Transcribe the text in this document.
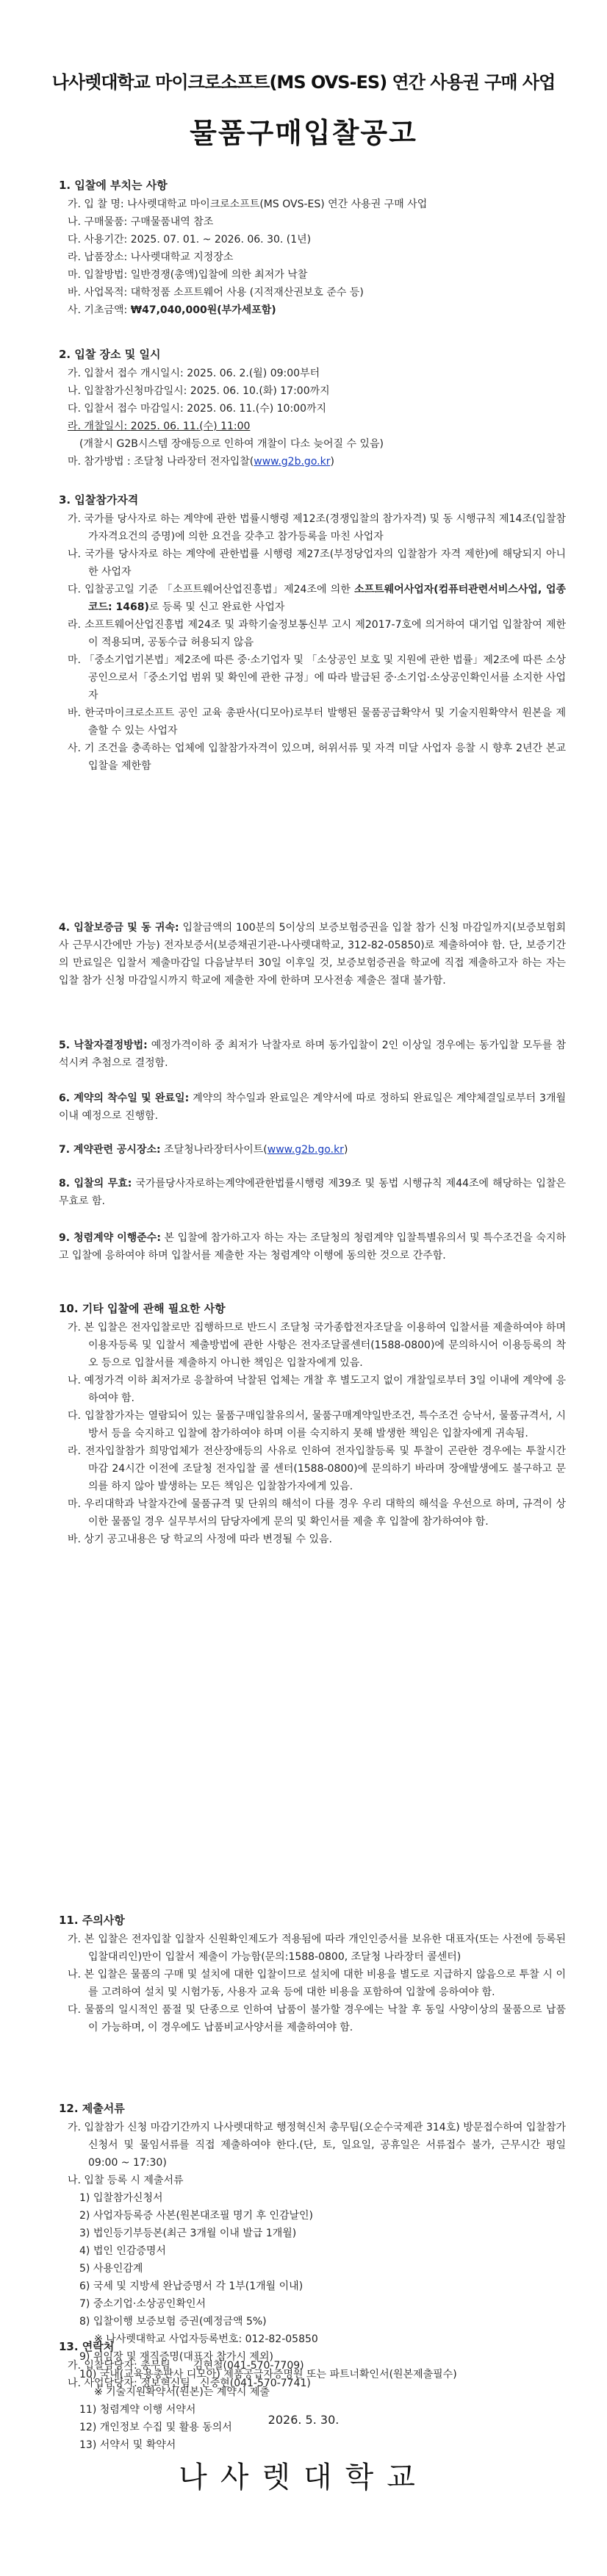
나사렛대학교 마이크로소프트(MS OVS-ES) 연간 사용권 구매 사업
물품구매입찰공고
1. 입찰에 부치는 사항
가. 입 찰 명: 나사렛대학교 마이크로소프트(MS OVS-ES) 연간 사용권 구매 사업
나. 구매물품: 구매물품내역 참조
다. 사용기간: 2025. 07. 01. ~ 2026. 06. 30. (1년)
라. 납품장소: 나사렛대학교 지정장소
마. 입찰방법: 일반경쟁(총액)입찰에 의한 최저가 낙찰
바. 사업목적: 대학정품 소프트웨어 사용 (지적재산권보호 준수 등)
사. 기초금액: ₩47,040,000원(부가세포함)
2. 입찰 장소 및 일시
가. 입찰서 접수 개시일시: 2025. 06. 2.(월) 09:00부터
나. 입찰참가신청마감일시: 2025. 06. 10.(화) 17:00까지
다. 입찰서 접수 마감일시: 2025. 06. 11.(수) 10:00까지
라. 개찰일시: 2025. 06. 11.(수) 11:00
(개찰시 G2B시스템 장애등으로 인하여 개찰이 다소 늦어질 수 있음)
마. 참가방법 : 조달청 나라장터 전자입찰(www.g2b.go.kr)
3. 입찰참가자격
가. 국가를 당사자로 하는 계약에 관한 법률시행령 제12조(경쟁입찰의 참가자격) 및 동 시행규칙 제14조(입찰참가자격요건의 증명)에 의한 요건을 갖추고 참가등록을 마친 사업자
나. 국가를 당사자로 하는 계약에 관한법률 시행령 제27조(부정당업자의 입찰참가 자격 제한)에 해당되지 아니한 사업자
다. 입찰공고일 기준 「소프트웨어산업진흥법」제24조에 의한 소프트웨어사업자(컴퓨터관련서비스사업, 업종코드: 1468)로 등록 및 신고 완료한 사업자
라. 소프트웨어산업진흥법 제24조 및 과학기술정보통신부 고시 제2017-7호에 의거하여 대기업 입찰참여 제한이 적용되며, 공동수급 허용되지 않음
마. 「중소기업기본법」제2조에 따른 중·소기업자 및 「소상공인 보호 및 지원에 관한 법률」제2조에 따른 소상공인으로서「중소기업 범위 및 확인에 관한 규정」에 따라 발급된 중·소기업·소상공인확인서를 소지한 사업자
바. 한국마이크로소프트 공인 교육 총판사(디모아)로부터 발행된 물품공급확약서 및 기술지원확약서 원본을 제출할 수 있는 사업자
사. 기 조건을 충족하는 업체에 입찰참가자격이 있으며, 허위서류 및 자격 미달 사업자 응찰 시 향후 2년간 본교 입찰을 제한함
4. 입찰보증금 및 동 귀속: 입찰금액의 100분의 5이상의 보증보험증권을 입찰 참가 신청 마감일까지(보증보험회사 근무시간에만 가능) 전자보증서(보증채권기관-나사렛대학교, 312-82-05850)로 제출하여야 함. 단, 보증기간의 만료일은 입찰서 제출마감일 다음날부터 30일 이후일 것, 보증보험증권을 학교에 직접 제출하고자 하는 자는 입찰 참가 신청 마감일시까지 학교에 제출한 자에 한하며 모사전송 제출은 절대 불가함.
5. 낙찰자결정방법: 예정가격이하 중 최저가 낙찰자로 하며 동가입찰이 2인 이상일 경우에는 동가입찰 모두를 참석시켜 추첨으로 결정함.
6. 계약의 착수일 및 완료일: 계약의 착수일과 완료일은 계약서에 따로 정하되 완료일은 계약체결일로부터 3개월 이내 예정으로 진행함.
7. 계약관련 공시장소: 조달청나라장터사이트(www.g2b.go.kr)
8. 입찰의 무효: 국가를당사자로하는계약에관한법률시행령 제39조 및 동법 시행규칙 제44조에 해당하는 입찰은 무효로 함.
9. 청렴계약 이행준수: 본 입찰에 참가하고자 하는 자는 조달청의 청렴계약 입찰특별유의서 및 특수조건을 숙지하고 입찰에 응하여야 하며 입찰서를 제출한 자는 청렴계약 이행에 동의한 것으로 간주함.
10. 기타 입찰에 관해 필요한 사항
가. 본 입찰은 전자입찰로만 집행하므로 반드시 조달청 국가종합전자조달을 이용하여 입찰서를 제출하여야 하며 이용자등록 및 입찰서 제출방법에 관한 사항은 전자조달콜센터(1588-0800)에 문의하시어 이용등록의 착오 등으로 입찰서를 제출하지 아니한 책임은 입찰자에게 있음.
나. 예정가격 이하 최저가로 응찰하여 낙찰된 업체는 개찰 후 별도고지 없이 개찰일로부터 3일 이내에 계약에 응하여야 함.
다. 입찰참가자는 열람되어 있는 물품구매입찰유의서, 물품구매계약일반조건, 특수조건 승낙서, 물품규격서, 시방서 등을 숙지하고 입찰에 참가하여야 하며 이를 숙지하지 못해 발생한 책임은 입찰자에게 귀속됨.
라. 전자입찰참가 희망업체가 전산장애등의 사유로 인하여 전자입찰등록 및 투찰이 곤란한 경우에는 투찰시간 마감 24시간 이전에 조달청 전자입찰 콜 센터(1588-0800)에 문의하기 바라며 장애발생에도 불구하고 문의를 하지 않아 발생하는 모든 책임은 입찰참가자에게 있음.
마. 우리대학과 낙찰자간에 물품규격 및 단위의 해석이 다를 경우 우리 대학의 해석을 우선으로 하며, 규격이 상이한 물품일 경우 실무부서의 담당자에게 문의 및 확인서를 제출 후 입찰에 참가하여야 함.
바. 상기 공고내용은 당 학교의 사정에 따라 변경될 수 있음.
11. 주의사항
가. 본 입찰은 전자입찰 입찰자 신원확인제도가 적용됨에 따라 개인인증서를 보유한 대표자(또는 사전에 등록된 입찰대리인)만이 입찰서 제출이 가능함(문의:1588-0800, 조달청 나라장터 콜센터)
나. 본 입찰은 물품의 구매 및 설치에 대한 입찰이므로 설치에 대한 비용을 별도로 지급하지 않음으로 투찰 시 이를 고려하여 설치 및 시험가동, 사용자 교육 등에 대한 비용을 포함하여 입찰에 응하여야 함.
다. 물품의 일시적인 품절 및 단종으로 인하여 납품이 불가할 경우에는 낙찰 후 동일 사양이상의 물품으로 납품이 가능하며, 이 경우에도 납품비교사양서를 제출하여야 함.
12. 제출서류
가. 입찰참가 신청 마감기간까지 나사렛대학교 행정혁신처 총무팀(오순수국제관 314호) 방문접수하여 입찰참가신청서 및 물임서류를 직접 제출하여야 한다.(단, 토, 일요일, 공휴일은 서류접수 불가, 근무시간 평일 09:00 ~ 17:30)
나. 입찰 등록 시 제출서류
1) 입찰참가신청서
2) 사업자등록증 사본(원본대조필 명기 후 인감날인)
3) 법인등기부등본(최근 3개월 이내 발급 1개월)
4) 법인 인감증명서
5) 사용인감계
6) 국세 및 지방세 완납증명서 각 1부(1개월 이내)
7) 중소기업·소상공인확인서
8) 입찰이행 보증보험 증권(예정금액 5%)
※ 나사렛대학교 사업자등록번호: 012-82-05850
9) 위임장 및 재직증명(대표자 참가시 제외)
10) 국내(교육용총판사 디모아) 제품공급자증명원 또는 파트너확인서(원본제출필수)
※ 기술지원확약서(원본)는 계약시 제출
11) 청렴계약 이행 서약서
12) 개인정보 수집 및 활용 동의서
13) 서약서 및 확약서
13. 연락처
가. 입찰담당자: 총무팀       김현철(041-570-7709)
나. 사업담당자: 정보혁신팀   신중현(041-570-7741)
2026. 5. 30.
나사렛대학교
